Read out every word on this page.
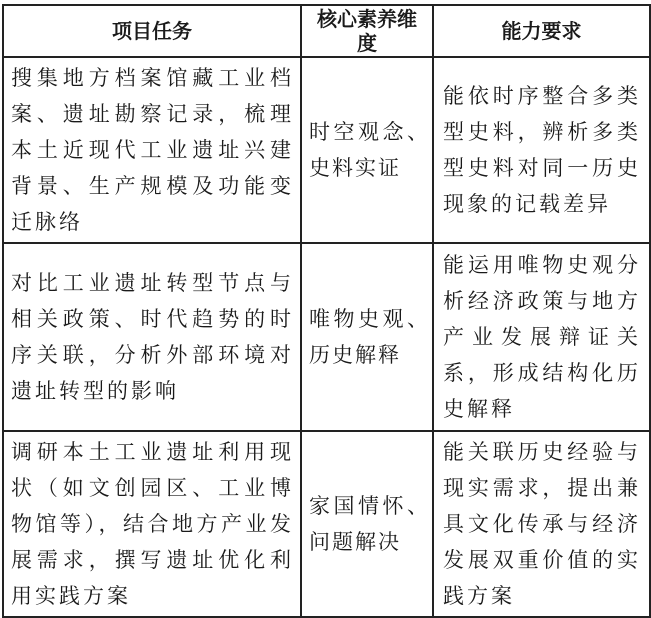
项目任务	核心素养维度	能力要求

搜集地方档案馆藏工业档案、遗址勘察记录，梳理本土近现代工业遗址兴建背景、生产规模及功能变迁脉络	时空观念、史料实证	能依时序整合多类型史料，辨析多类型史料对同一历史现象的记载差异

对比工业遗址转型节点与相关政策、时代趋势的时序关联，分析外部环境对遗址转型的影响	唯物史观、历史解释	能运用唯物史观分析经济政策与地方产业发展辩证关系，形成结构化历史解释

调研本土工业遗址利用现状（如文创园区、工业博物馆等），结合地方产业发展需求，撰写遗址优化利用实践方案	家国情怀、问题解决	能关联历史经验与现实需求，提出兼具文化传承与经济发展双重价值的实践方案
